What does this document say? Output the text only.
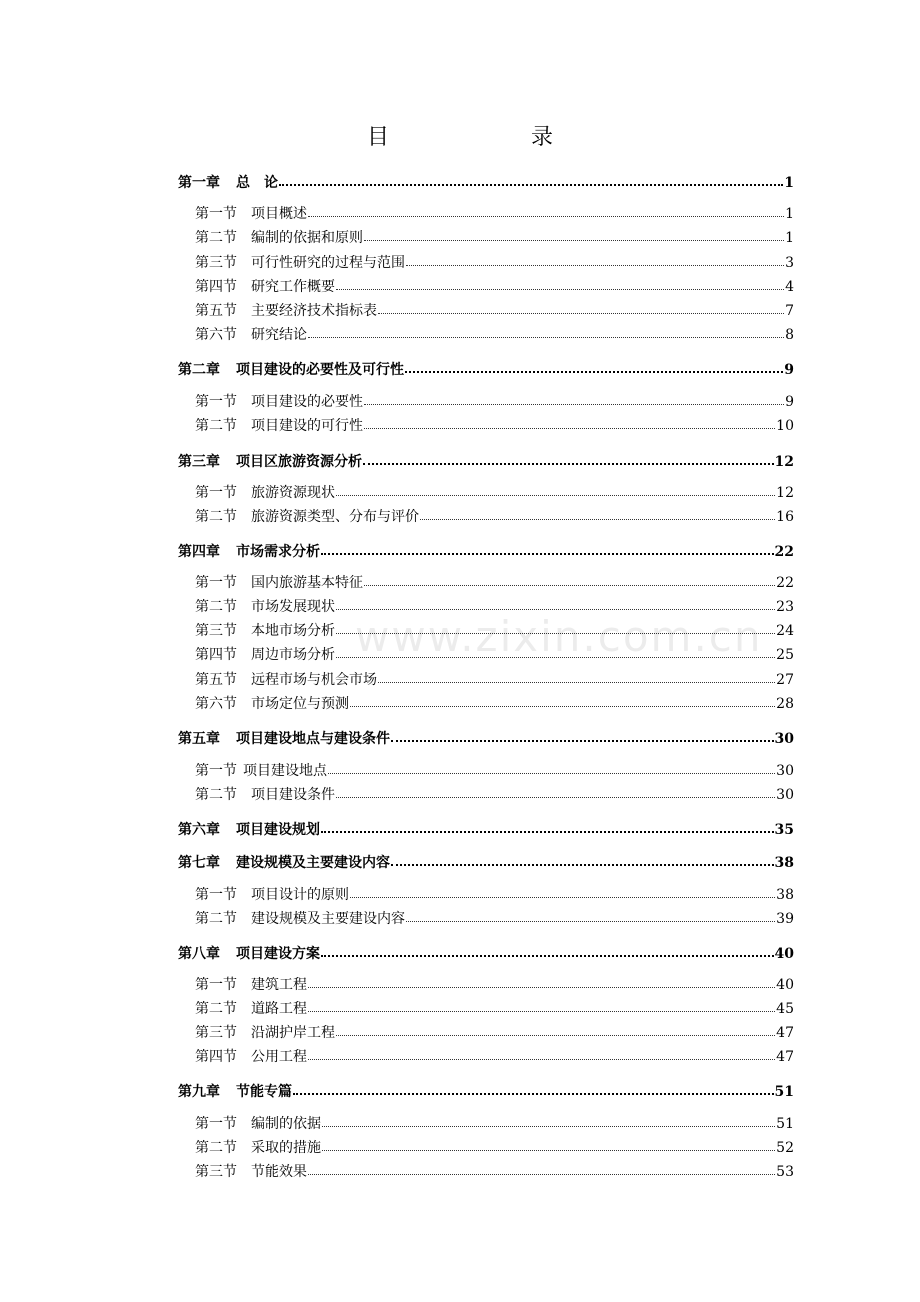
目　录
www.zixin.com.cn
第一章 总　论	1
第一节 项目概述	1
第二节 编制的依据和原则	1
第三节 可行性研究的过程与范围	3
第四节 研究工作概要	4
第五节 主要经济技术指标表	7
第六节 研究结论	8
第二章 项目建设的必要性及可行性	9
第一节 项目建设的必要性	9
第二节 项目建设的可行性	10
第三章 项目区旅游资源分析	12
第一节 旅游资源现状	12
第二节 旅游资源类型、分布与评价	16
第四章 市场需求分析	22
第一节 国内旅游基本特征	22
第二节 市场发展现状	23
第三节 本地市场分析	24
第四节 周边市场分析	25
第五节 远程市场与机会市场	27
第六节 市场定位与预测	28
第五章 项目建设地点与建设条件	30
第一节 项目建设地点	30
第二节 项目建设条件	30
第六章 项目建设规划	35
第七章 建设规模及主要建设内容	38
第一节 项目设计的原则	38
第二节 建设规模及主要建设内容	39
第八章 项目建设方案	40
第一节 建筑工程	40
第二节 道路工程	45
第三节 沿湖护岸工程	47
第四节 公用工程	47
第九章 节能专篇	51
第一节 编制的依据	51
第二节 采取的措施	52
第三节 节能效果	53
